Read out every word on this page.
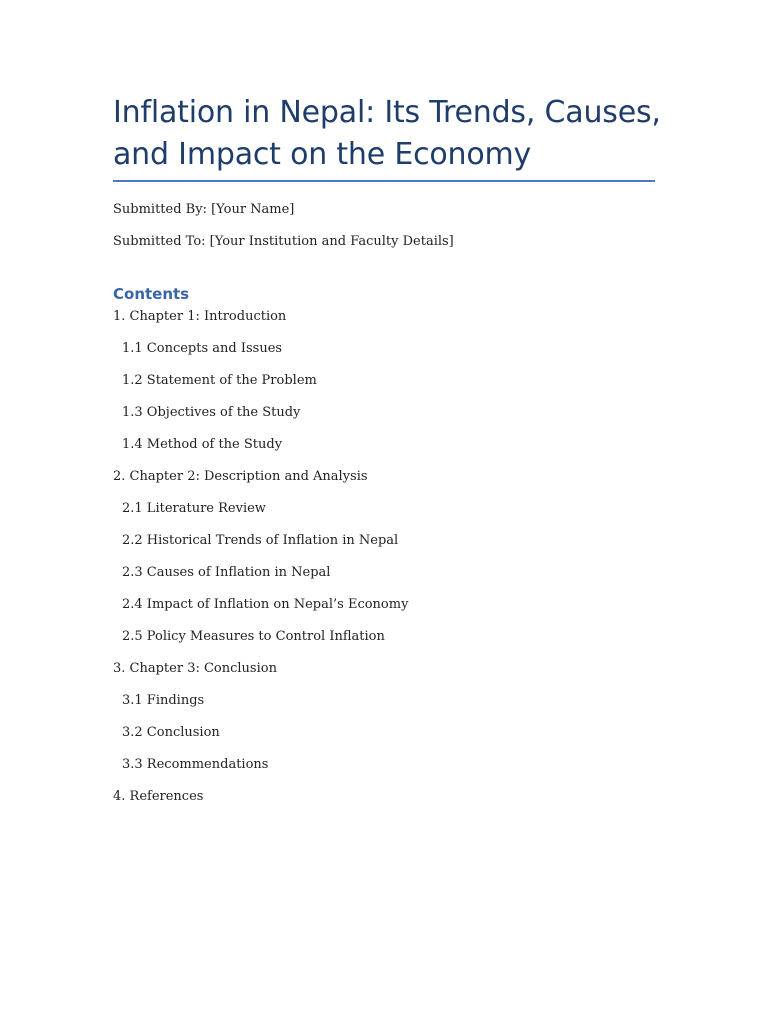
Inflation in Nepal: Its Trends, Causes, and Impact on the Economy

Submitted By: [Your Name]

Submitted To: [Your Institution and Faculty Details]

Contents
1. Chapter 1: Introduction
1.1 Concepts and Issues
1.2 Statement of the Problem
1.3 Objectives of the Study
1.4 Method of the Study
2. Chapter 2: Description and Analysis
2.1 Literature Review
2.2 Historical Trends of Inflation in Nepal
2.3 Causes of Inflation in Nepal
2.4 Impact of Inflation on Nepal’s Economy
2.5 Policy Measures to Control Inflation
3. Chapter 3: Conclusion
3.1 Findings
3.2 Conclusion
3.3 Recommendations
4. References
